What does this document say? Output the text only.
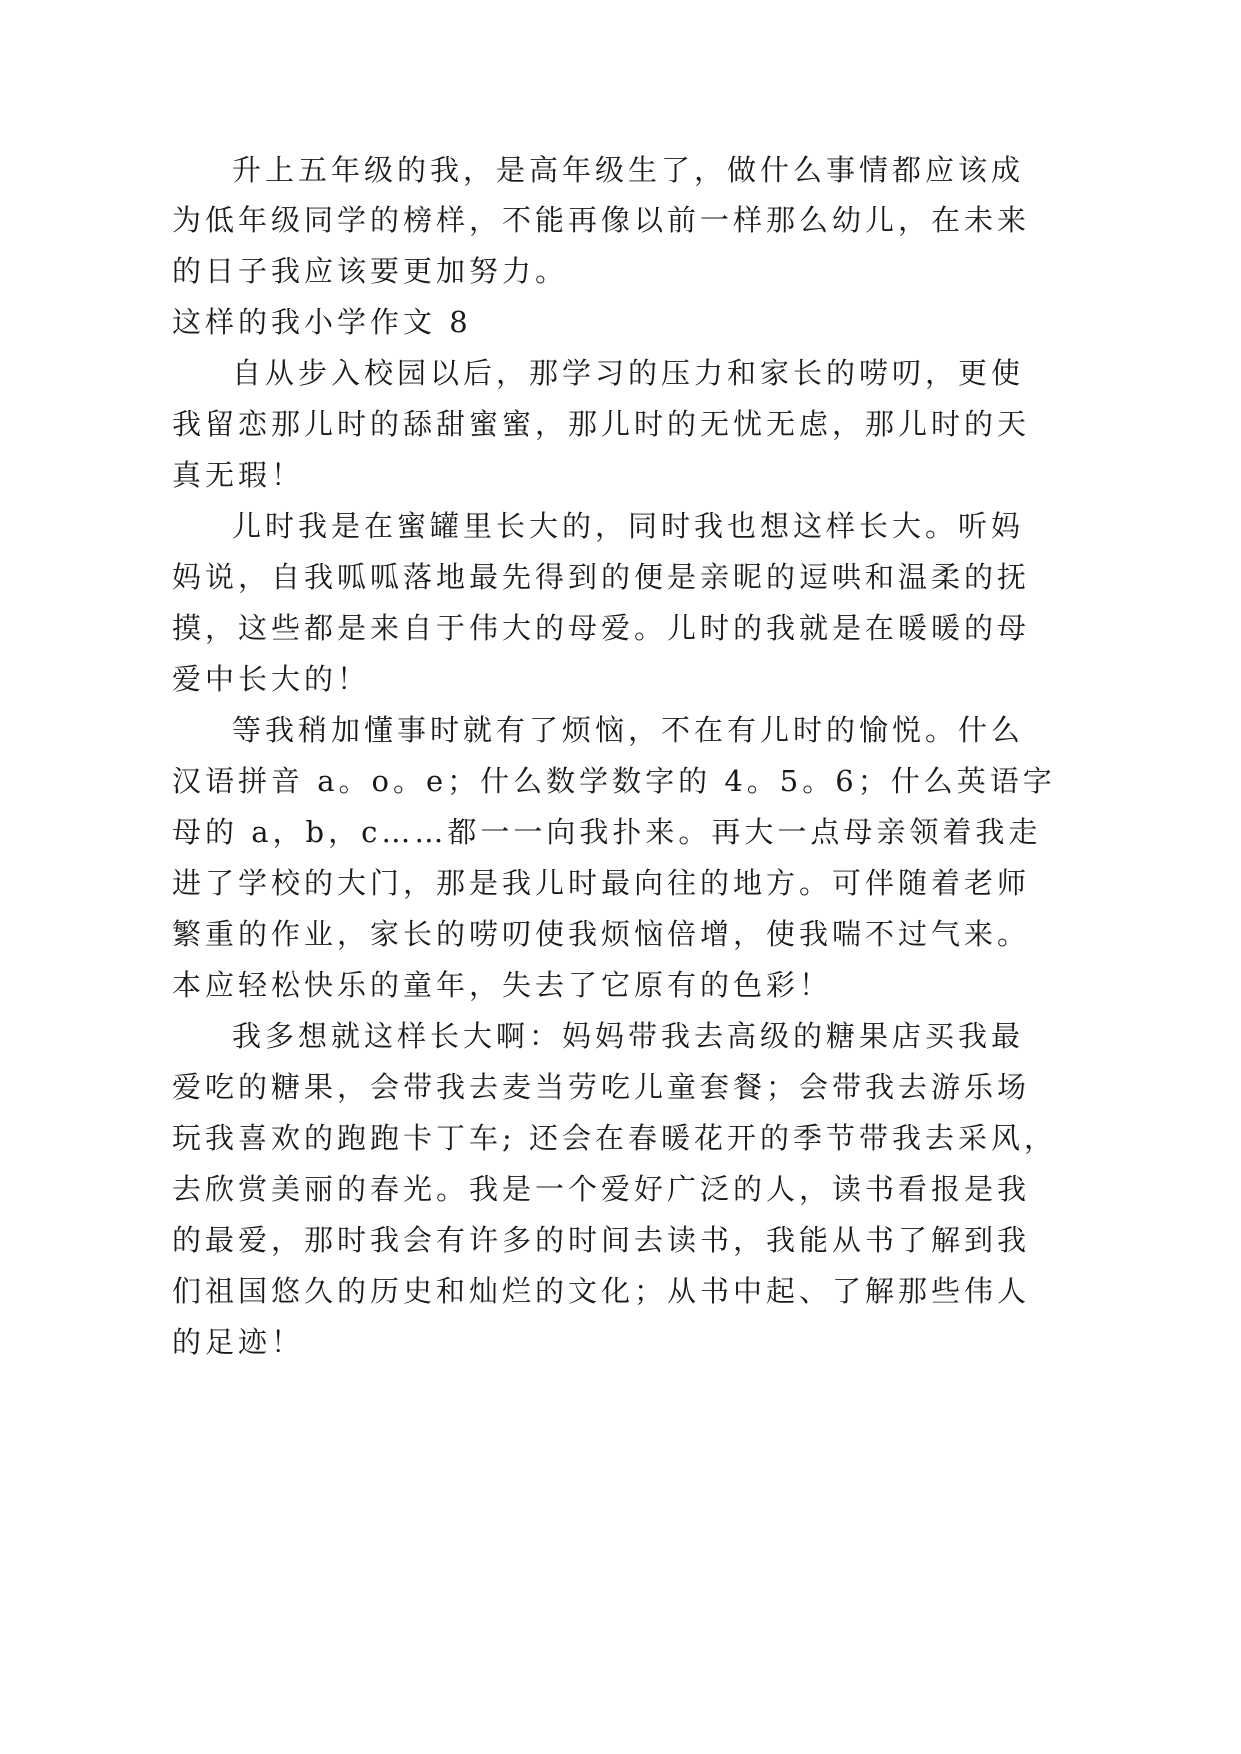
升上五年级的我，是高年级生了，做什么事情都应该成
为低年级同学的榜样，不能再像以前一样那么幼儿，在未来
的日子我应该要更加努力。
这样的我小学作文 8
自从步入校园以后，那学习的压力和家长的唠叨，更使
我留恋那儿时的舔甜蜜蜜，那儿时的无忧无虑，那儿时的天
真无瑕！
儿时我是在蜜罐里长大的，同时我也想这样长大。听妈
妈说，自我呱呱落地最先得到的便是亲昵的逗哄和温柔的抚
摸，这些都是来自于伟大的母爱。儿时的我就是在暖暖的母
爱中长大的！
等我稍加懂事时就有了烦恼，不在有儿时的愉悦。什么
汉语拼音 a。o。e；什么数学数字的 4。5。6；什么英语字
母的 a，b，c……都一一向我扑来。再大一点母亲领着我走
进了学校的大门，那是我儿时最向往的地方。可伴随着老师
繁重的作业，家长的唠叨使我烦恼倍增，使我喘不过气来。
本应轻松快乐的童年，失去了它原有的色彩！
我多想就这样长大啊：妈妈带我去高级的糖果店买我最
爱吃的糖果，会带我去麦当劳吃儿童套餐；会带我去游乐场
玩我喜欢的跑跑卡丁车; 还会在春暖花开的季节带我去采风，
去欣赏美丽的春光。我是一个爱好广泛的人，读书看报是我
的最爱，那时我会有许多的时间去读书，我能从书了解到我
们祖国悠久的历史和灿烂的文化；从书中起、了解那些伟人
的足迹！
